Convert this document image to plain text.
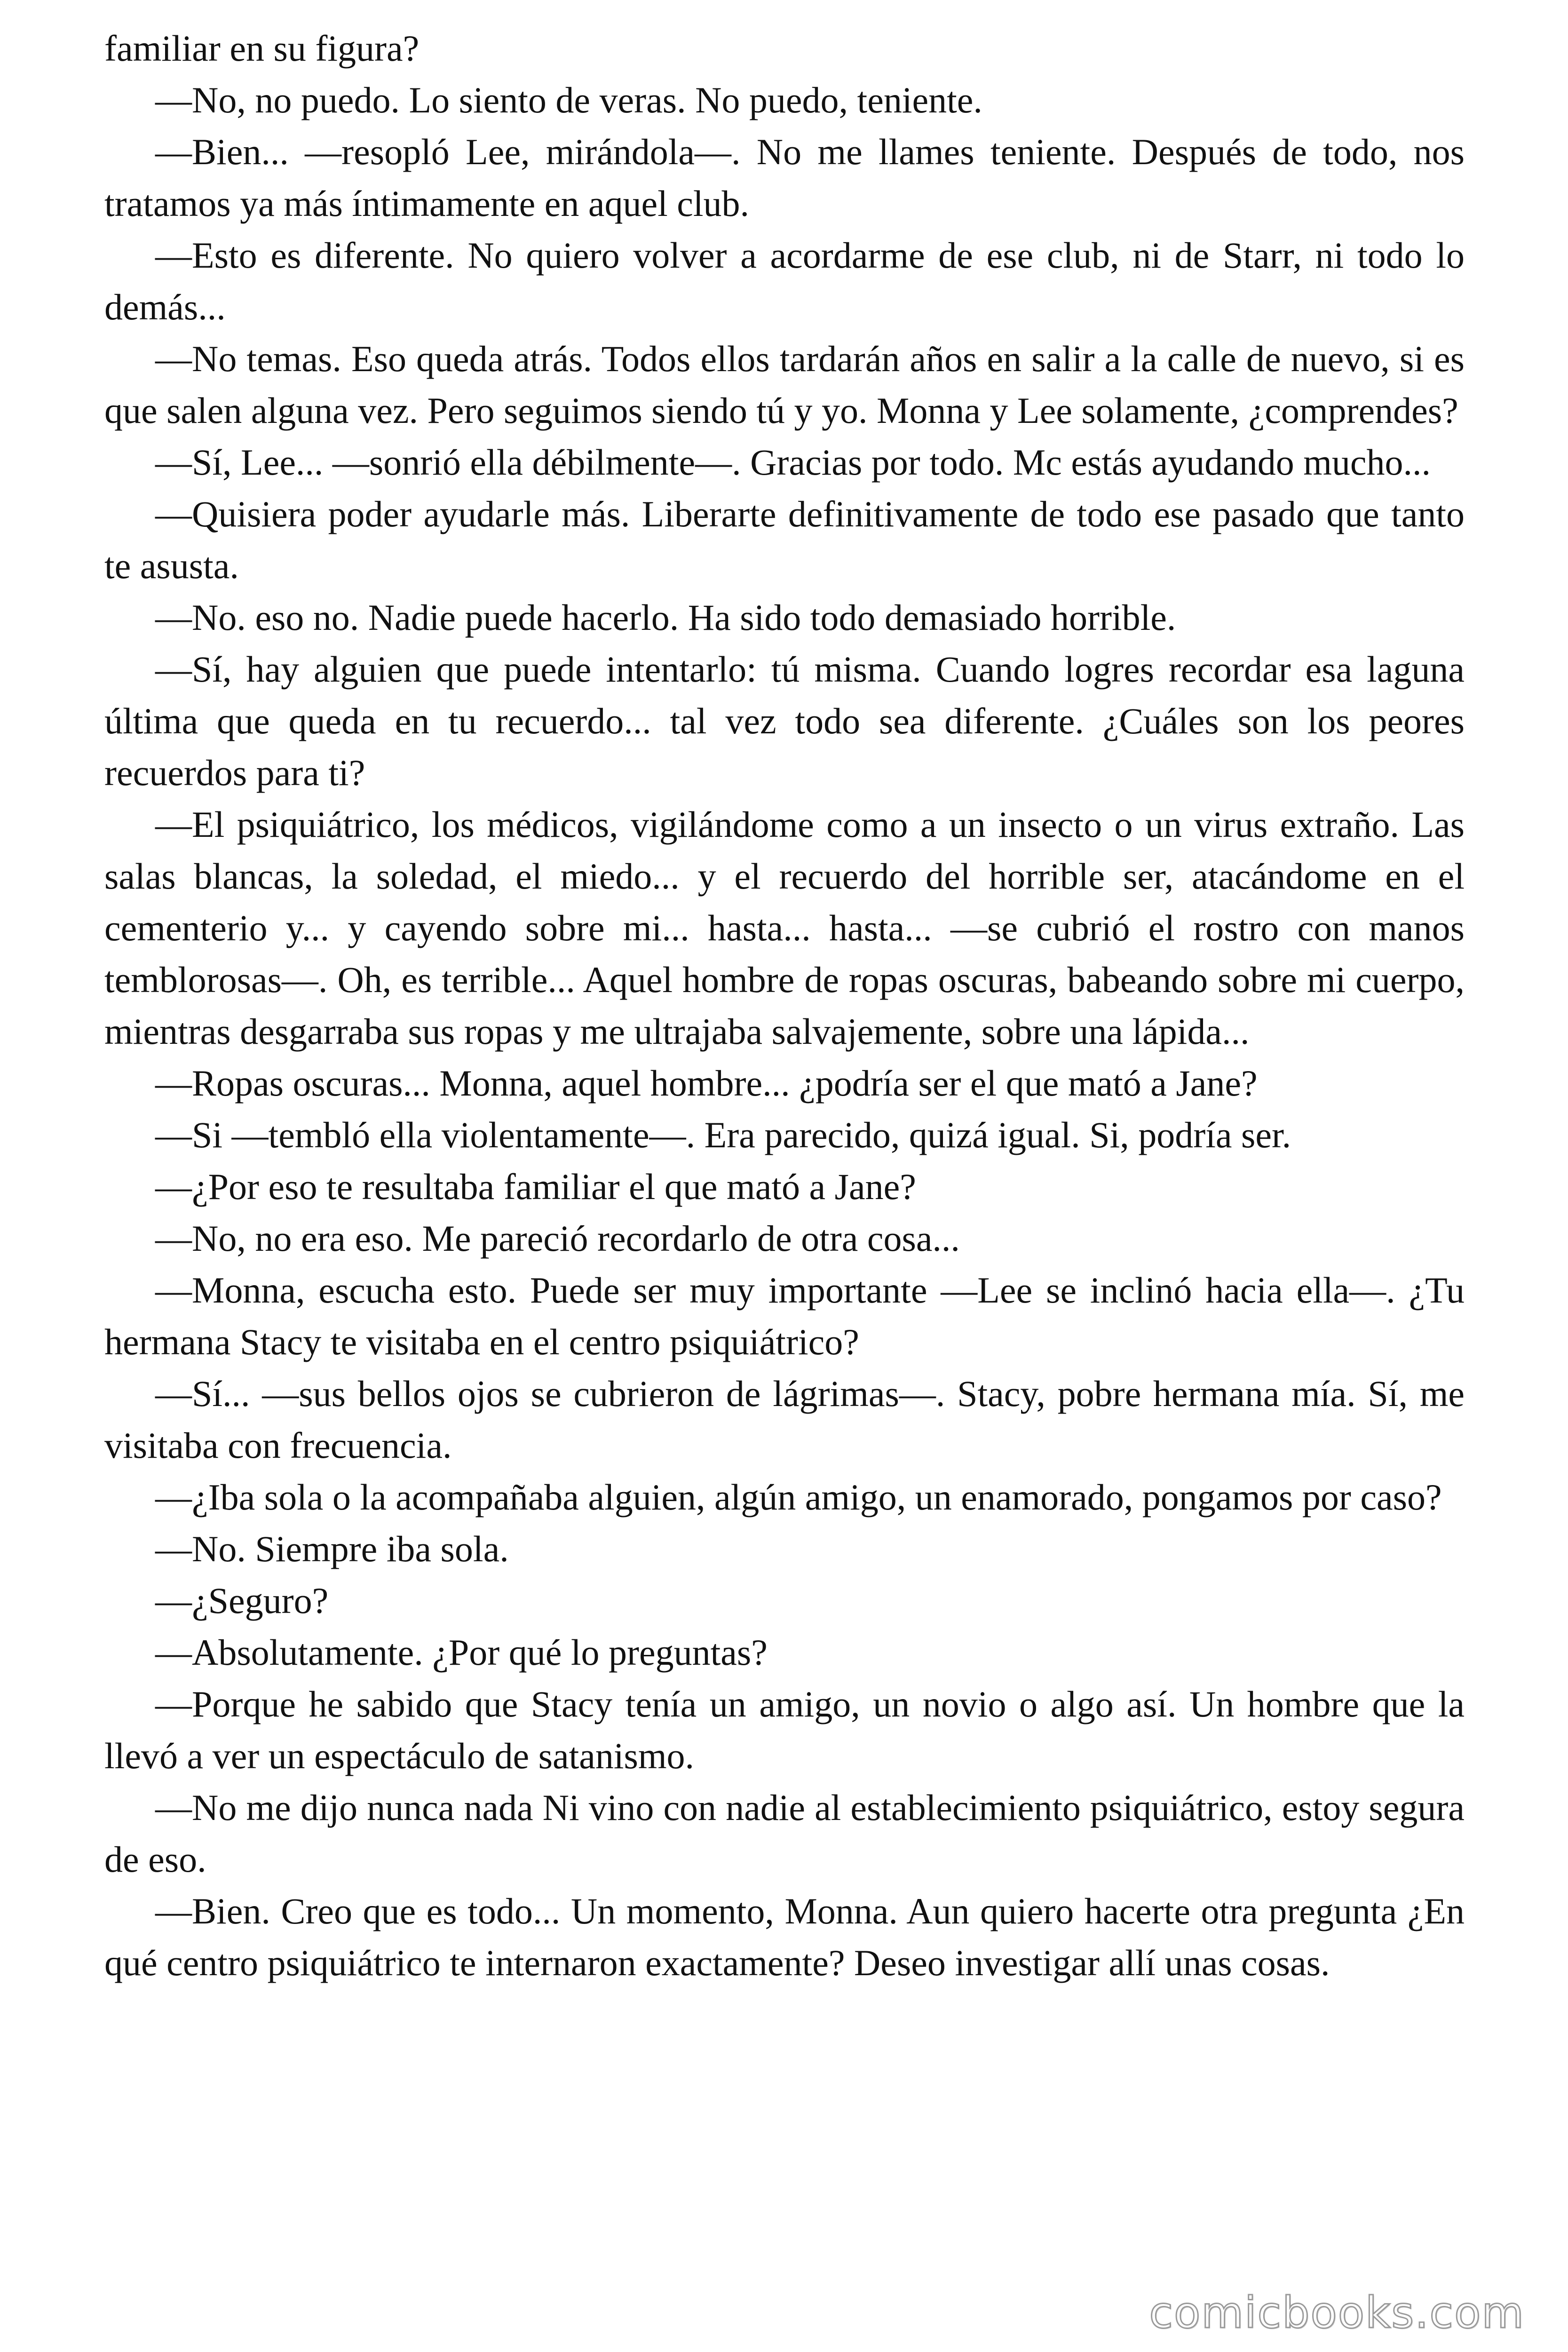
familiar en su figura?

—No, no puedo. Lo siento de veras. No puedo, teniente.

—Bien... —resopló Lee, mirándola—. No me llames teniente. Después de todo, nos tratamos ya más íntimamente en aquel club.

—Esto es diferente. No quiero volver a acordarme de ese club, ni de Starr, ni todo lo demás...

—No temas. Eso queda atrás. Todos ellos tardarán años en salir a la calle de nuevo, si es que salen alguna vez. Pero seguimos siendo tú y yo. Monna y Lee solamente, ¿comprendes?

—Sí, Lee... —sonrió ella débilmente—. Gracias por todo. Mc estás ayudando mucho...

—Quisiera poder ayudarle más. Liberarte definitivamente de todo ese pasado que tanto te asusta.

—No. eso no. Nadie puede hacerlo. Ha sido todo demasiado horrible.

—Sí, hay alguien que puede intentarlo: tú misma. Cuando logres recordar esa laguna última que queda en tu recuerdo... tal vez todo sea diferente. ¿Cuáles son los peores recuerdos para ti?

—El psiquiátrico, los médicos, vigilándome como a un insecto o un virus extraño. Las salas blancas, la soledad, el miedo... y el recuerdo del horrible ser, atacándome en el cementerio y... y cayendo sobre mi... hasta... hasta... —se cubrió el rostro con manos temblorosas—. Oh, es terrible... Aquel hombre de ropas oscuras, babeando sobre mi cuerpo, mientras desgarraba sus ropas y me ultrajaba salvajemente, sobre una lápida...

—Ropas oscuras... Monna, aquel hombre... ¿podría ser el que mató a Jane?

—Si —tembló ella violentamente—. Era parecido, quizá igual. Si, podría ser.

—¿Por eso te resultaba familiar el que mató a Jane?

—No, no era eso. Me pareció recordarlo de otra cosa...

—Monna, escucha esto. Puede ser muy importante —Lee se inclinó hacia ella—. ¿Tu hermana Stacy te visitaba en el centro psiquiátrico?

—Sí... —sus bellos ojos se cubrieron de lágrimas—. Stacy, pobre hermana mía. Sí, me visitaba con frecuencia.

—¿Iba sola o la acompañaba alguien, algún amigo, un enamorado, pongamos por caso?

—No. Siempre iba sola.

—¿Seguro?

—Absolutamente. ¿Por qué lo preguntas?

—Porque he sabido que Stacy tenía un amigo, un novio o algo así. Un hombre que la llevó a ver un espectáculo de satanismo.

—No me dijo nunca nada Ni vino con nadie al establecimiento psiquiátrico, estoy segura de eso.

—Bien. Creo que es todo... Un momento, Monna. Aun quiero hacerte otra pregunta ¿En qué centro psiquiátrico te internaron exactamente? Deseo investigar allí unas cosas.

comicbooks.com
